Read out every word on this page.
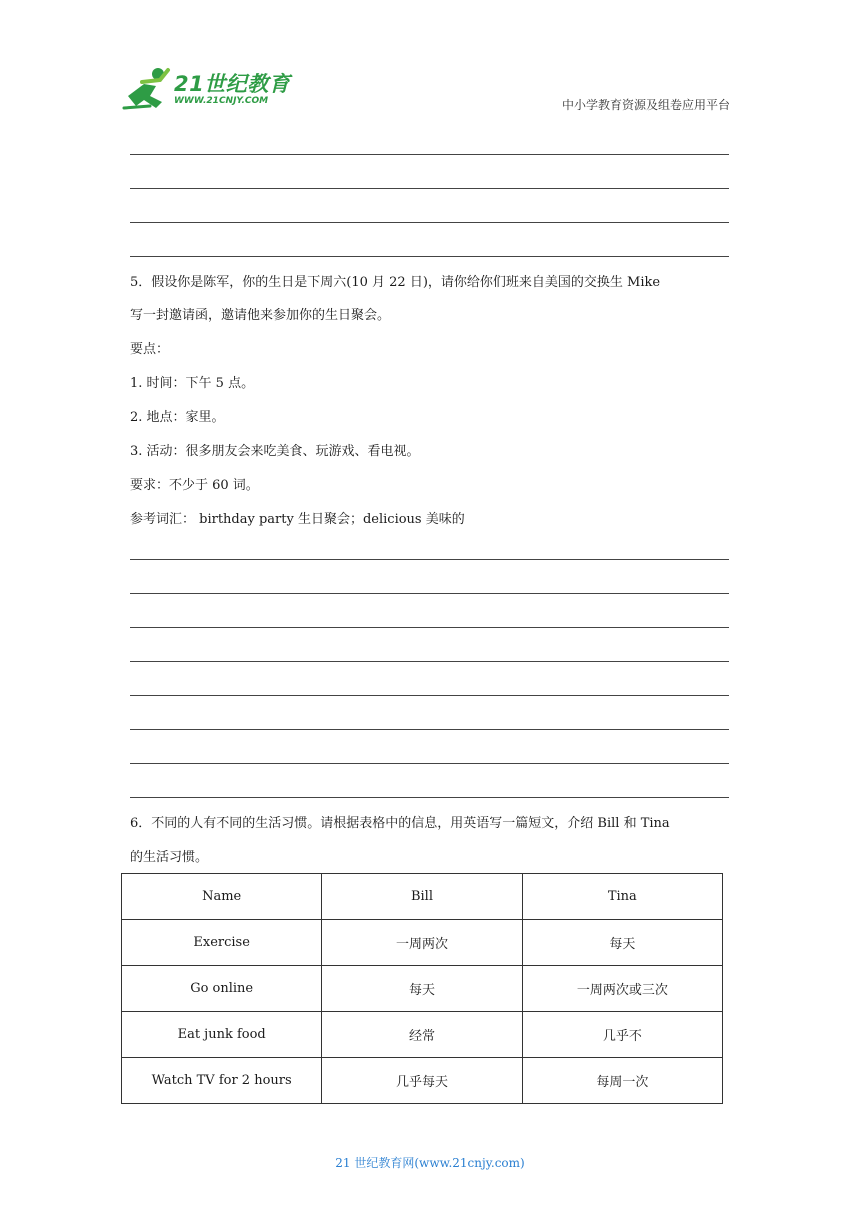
21世纪教育
WWW.21CNJY.COM	中小学教育资源及组卷应用平台
5．假设你是陈军，你的生日是下周六(10 月 22 日)，请你给你们班来自美国的交换生 Mike
写一封邀请函，邀请他来参加你的生日聚会。
要点：
1. 时间：下午 5 点。
2. 地点：家里。
3. 活动：很多朋友会来吃美食、玩游戏、看电视。
要求：不少于 60 词。
参考词汇： birthday party 生日聚会；delicious 美味的
6．不同的人有不同的生活习惯。请根据表格中的信息，用英语写一篇短文，介绍 Bill 和 Tina
的生活习惯。
Name	Bill	Tina
Exercise	一周两次	每天
Go online	每天	一周两次或三次
Eat junk food	经常	几乎不
Watch TV for 2 hours	几乎每天	每周一次
21 世纪教育网(www.21cnjy.com)
